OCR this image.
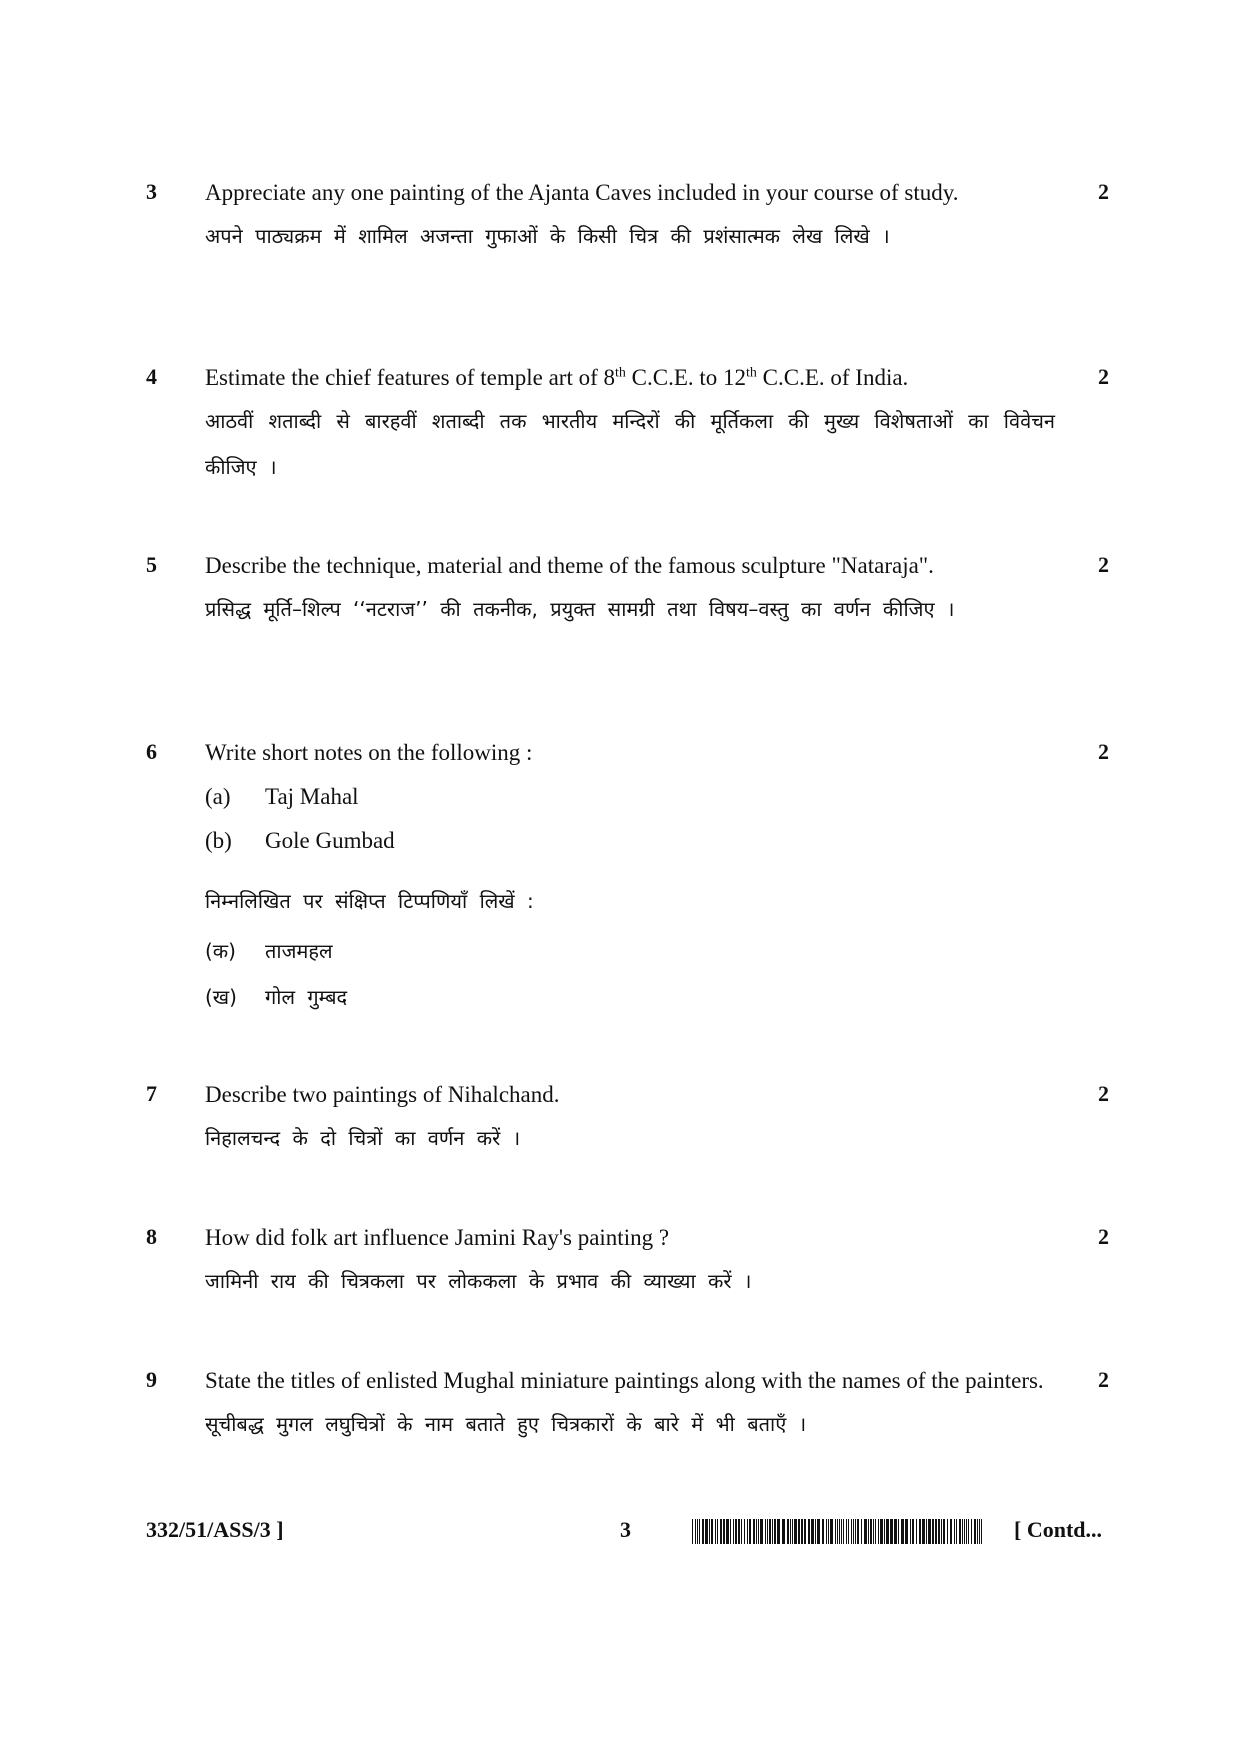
3 Appreciate any one painting of the Ajanta Caves included in your course of study.

अपने पाठ्यक्रम में शामिल अजन्ता गुफाओं के किसी चित्र की प्रशंसात्मक लेख लिखे ।

2
4 Estimate the chief features of temple art of 8th C.C.E. to 12th C.C.E. of India.

आठवीं शताब्दी से बारहवीं शताब्दी तक भारतीय मन्दिरों की मूर्तिकला की मुख्य विशेषताओं का विवेचन कीजिए ।

2
5 Describe the technique, material and theme of the famous sculpture "Nataraja".

प्रसिद्ध मूर्ति–शिल्प ‘‘नटराज’’ की तकनीक, प्रयुक्त सामग्री तथा विषय–वस्तु का वर्णन कीजिए ।

2
6 Write short notes on the following :

(a)	Taj Mahal

(b)	Gole Gumbad

निम्नलिखित पर संक्षिप्त टिप्पणियाँ लिखें :

(क)	ताजमहल

(ख)	गोल गुम्बद

2
7 Describe two paintings of Nihalchand.

निहालचन्द के दो चित्रों का वर्णन करें ।

2
8 How did folk art influence Jamini Ray's painting ?

जामिनी राय की चित्रकला पर लोककला के प्रभाव की व्याख्या करें ।

2
9 State the titles of enlisted Mughal miniature paintings along with the names of the painters.

सूचीबद्ध मुगल लघुचित्रों के नाम बताते हुए चित्रकारों के बारे में भी बताएँ ।

2
332/51/ASS/3 ]	3	[ Contd...
